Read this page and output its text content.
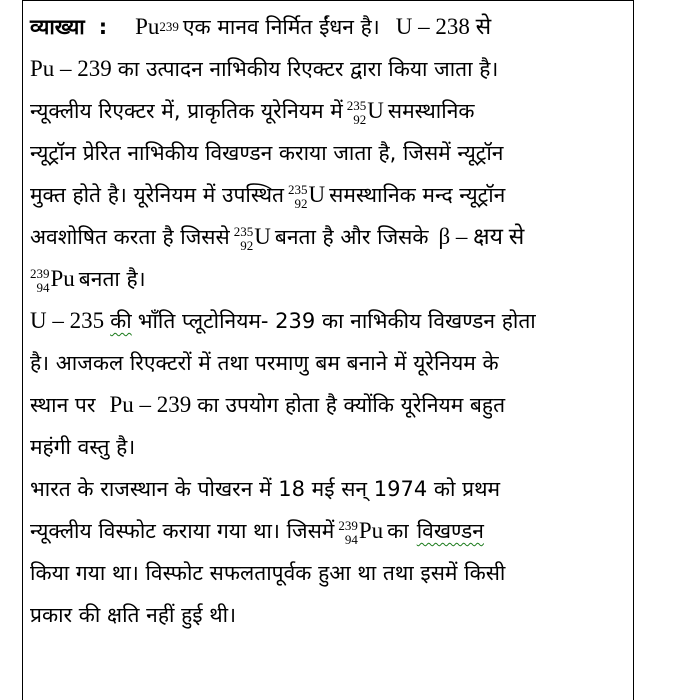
व्याख्या : Pu 239 एक मानव निर्मित ईंधन है। U – 238 से
Pu – 239 का उत्पादन नाभिकीय रिएक्टर द्वारा किया जाता है।
न्यूक्लीय रिएक्टर में, प्राकृतिक यूरेनियम में 235
92 U समस्थानिक
न्यूट्रॉन प्रेरित नाभिकीय विखण्डन कराया जाता है, जिसमें न्यूट्रॉन
मुक्त होते है। यूरेनियम में उपस्थित 235
92 U समस्थानिक मन्द न्यूट्रॉन
अवशोषित करता है जिससे 235
92 U बनता है और जिसके β – क्षय से
239
94 Pu बनता है।
U – 235 की भाँति प्लूटोनियम- 239 का नाभिकीय विखण्डन होता
है। आजकल रिएक्टरों में तथा परमाणु बम बनाने में यूरेनियम के
स्थान पर Pu – 239 का उपयोग होता है क्योंकि यूरेनियम बहुत
महंगी वस्तु है।
भारत के राजस्थान के पोखरन में 18 मई सन् 1974 को प्रथम
न्यूक्लीय विस्फोट कराया गया था। जिसमें 239
94 Pu का विखण्डन
किया गया था। विस्फोट सफलतापूर्वक हुआ था तथा इसमें किसी
प्रकार की क्षति नहीं हुई थी।
